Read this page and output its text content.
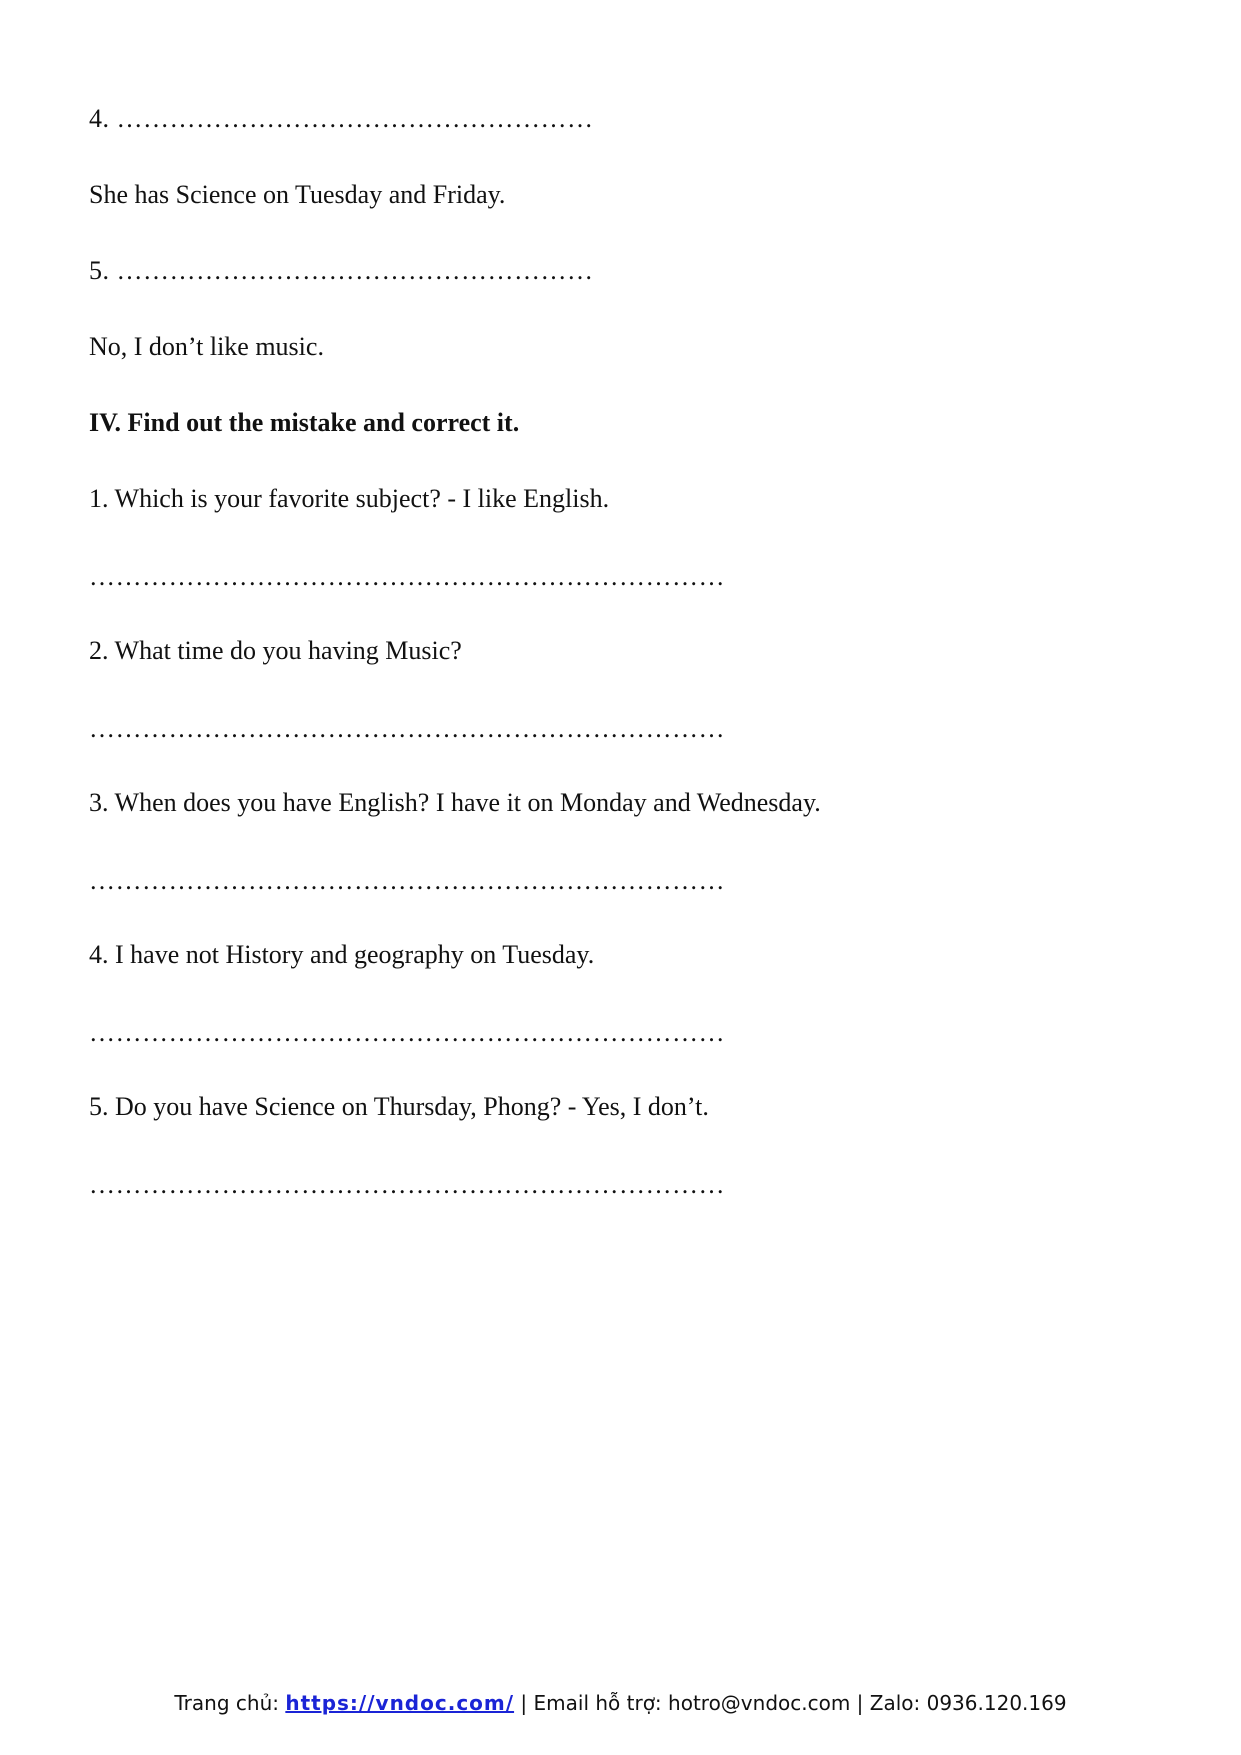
4. ………………………………………………
She has Science on Tuesday and Friday.
5. ………………………………………………
No, I don’t like music.
IV. Find out the mistake and correct it.
1. Which is your favorite subject? - I like English.
………………………………………………………………
2. What time do you having Music?
………………………………………………………………
3. When does you have English? I have it on Monday and Wednesday.
………………………………………………………………
4. I have not History and geography on Tuesday.
………………………………………………………………
5. Do you have Science on Thursday, Phong? - Yes, I don’t.
………………………………………………………………
Trang chủ: https://vndoc.com/ | Email hỗ trợ: hotro@vndoc.com | Zalo: 0936.120.169
